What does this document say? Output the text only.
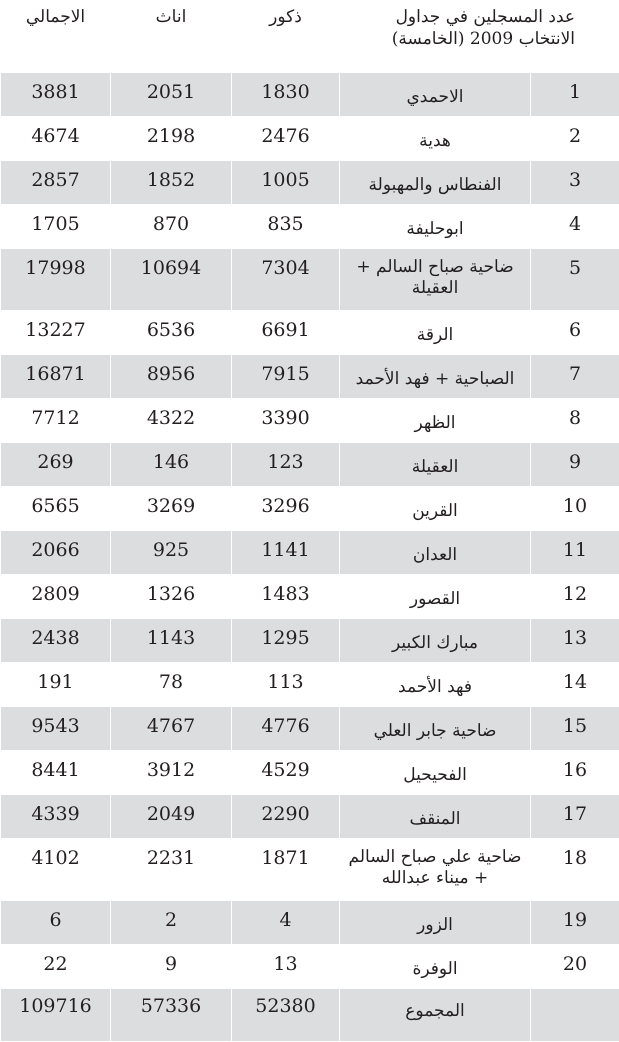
عدد المسجلين في جداول الانتخاب 2009 (الخامسة)		ذكور	اناث	الاجمالي
1	الاحمدي	1830	2051	3881
2	هدية	2476	2198	4674
3	الفنطاس والمهبولة	1005	1852	2857
4	ابوحليفة	835	870	1705
5	ضاحية صباح السالم + العقيلة	7304	10694	17998
6	الرقة	6691	6536	13227
7	الصباحية + فهد الأحمد	7915	8956	16871
8	الظهر	3390	4322	7712
9	العقيلة	123	146	269
10	القرين	3296	3269	6565
11	العدان	1141	925	2066
12	القصور	1483	1326	2809
13	مبارك الكبير	1295	1143	2438
14	فهد الأحمد	113	78	191
15	ضاحية جابر العلي	4776	4767	9543
16	الفحيحيل	4529	3912	8441
17	المنقف	2290	2049	4339
18	ضاحية علي صباح السالم + ميناء عبدالله	1871	2231	4102
19	الزور	4	2	6
20	الوفرة	13	9	22
	المجموع	52380	57336	109716
